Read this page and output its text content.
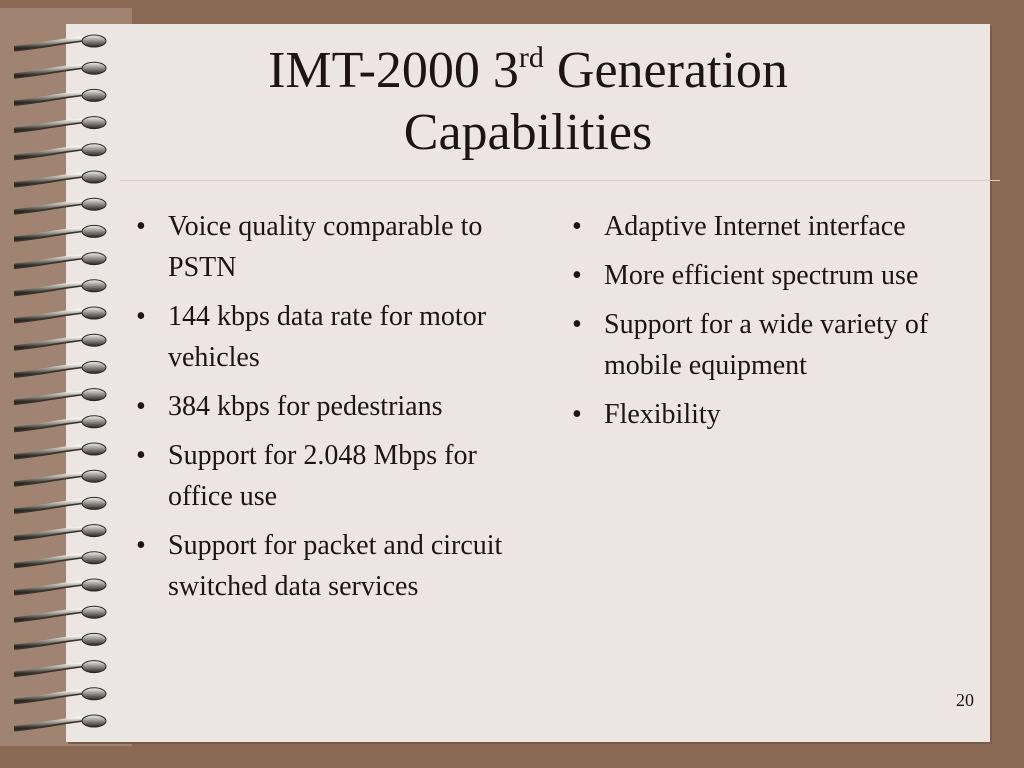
IMT-2000 3rd Generation
Capabilities
• Voice quality comparable to PSTN
• 144 kbps data rate for motor vehicles
• 384 kbps for pedestrians
• Support for 2.048 Mbps for office use
• Support for packet and circuit switched data services
• Adaptive Internet interface
• More efficient spectrum use
• Support for a wide variety of mobile equipment
• Flexibility
20
